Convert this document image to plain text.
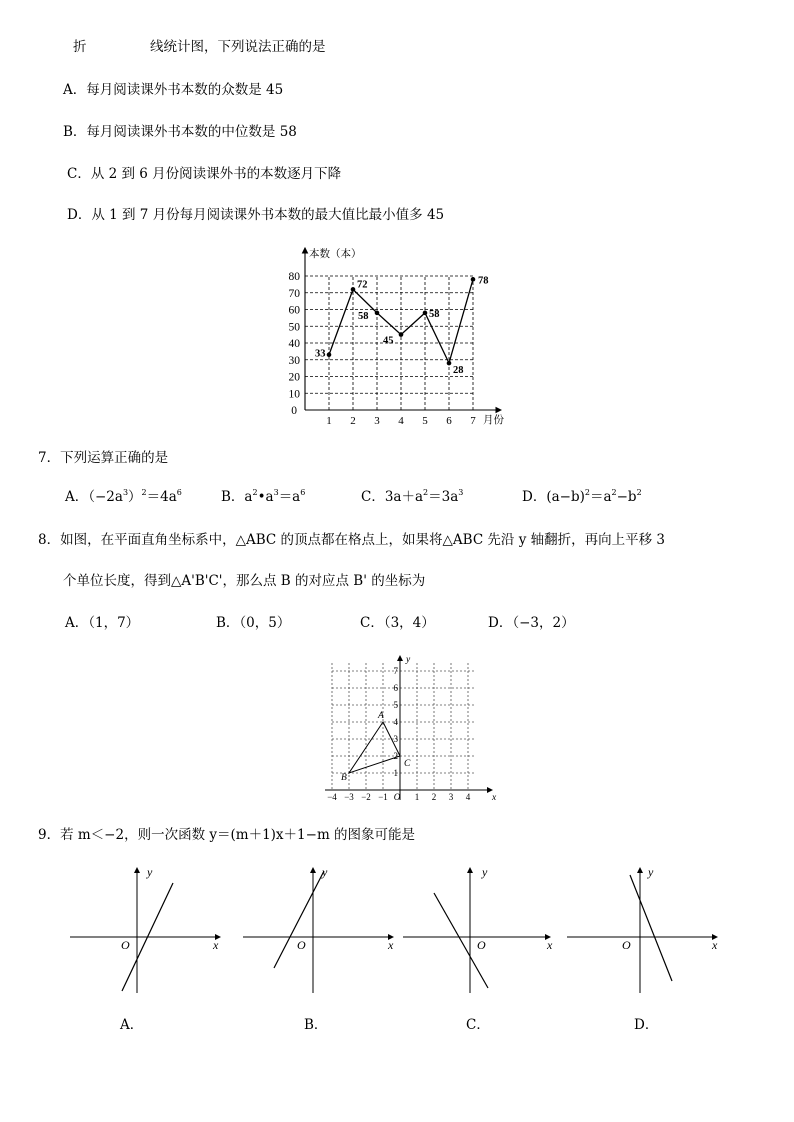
折	线统计图，下列说法正确的是
A．每月阅读课外书本数的众数是 45
B．每月阅读课外书本数的中位数是 58
C．从 2 到 6 月份阅读课外书的本数逐月下降
D．从 1 到 7 月份每月阅读课外书本数的最大值比最小值多 45
10
20
30
40
50
60
70
80
0
1 2 3 4 5 6 7
本数（本）
月份
33
72
58
45
58
28
78
7．下列运算正确的是
A．$(-2a^3)^2=4a^6$	B．$a^2•a^3=a^6$	C．$3a+a^2=3a^3$	D．$(a-b)^2=a^2-b^2$
8．如图，在平面直角坐标系中，△ABC 的顶点都在格点上，如果将△ABC 先沿 y 轴翻折，再向上平移 3
个单位长度，得到△A'B'C'，那么点 B 的对应点 B' 的坐标为
A．（1，7）	B．（0，5）	C．（3，4）	D．（−3，2）
A
B
C
x
y
−4 −3 −2 −1 O 1 2 3 4
1
2
3
4
5
6
7
9．若 m＜−2，则一次函数 y＝(m＋1)x＋1−m 的图象可能是
y
x
O
y
x
O
y
x
O
y
x
O
A．	B．	C．	D．
